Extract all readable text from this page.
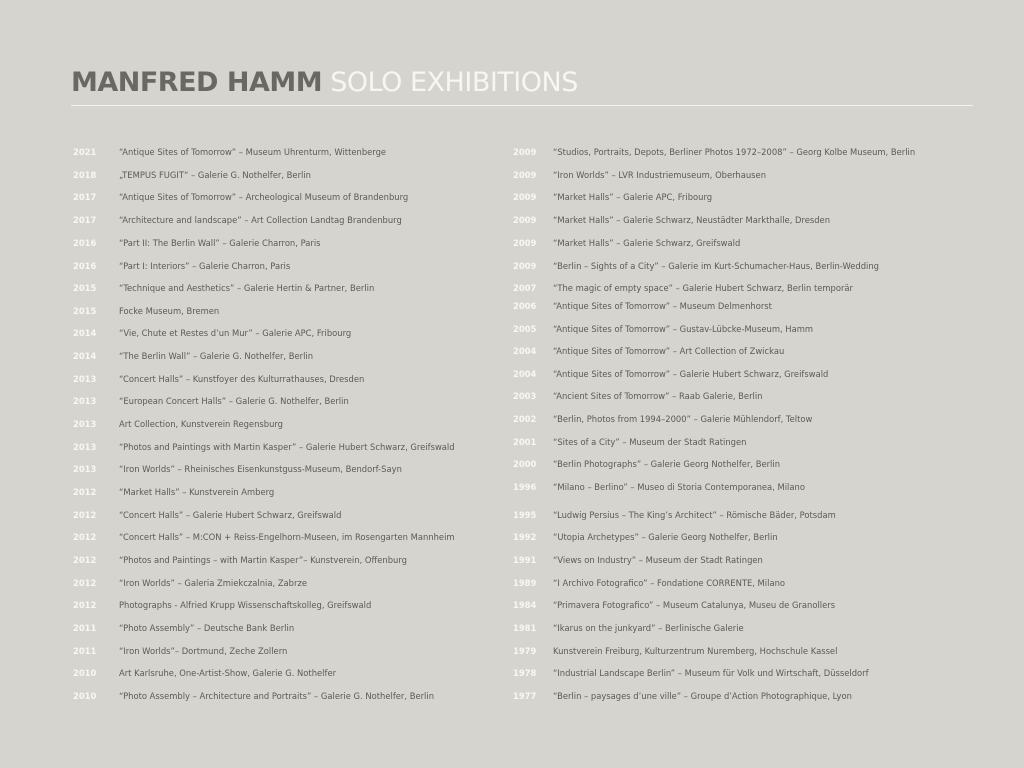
MANFRED HAMM SOLO EXHIBITIONS
2021	“Antique Sites of Tomorrow” – Museum Uhrenturm, Wittenberge
2018	„TEMPUS FUGIT“ – Galerie G. Nothelfer, Berlin
2017	“Antique Sites of Tomorrow” – Archeological Museum of Brandenburg
2017	“Architecture and landscape” – Art Collection Landtag Brandenburg
2016	“Part II: The Berlin Wall” – Galerie Charron, Paris
2016	“Part I: Interiors” – Galerie Charron, Paris
2015	“Technique and Aesthetics” – Galerie Hertin & Partner, Berlin
2015	Focke Museum, Bremen
2014	“Vie, Chute et Restes d’un Mur” – Galerie APC, Fribourg
2014	“The Berlin Wall” – Galerie G. Nothelfer, Berlin
2013	“Concert Halls” – Kunstfoyer des Kulturrathauses, Dresden
2013	“European Concert Halls” – Galerie G. Nothelfer, Berlin
2013	Art Collection, Kunstverein Regensburg
2013	“Photos and Paintings with Martin Kasper” – Galerie Hubert Schwarz, Greifswald
2013	“Iron Worlds” – Rheinisches Eisenkunstguss-Museum, Bendorf-Sayn
2012	“Market Halls” – Kunstverein Amberg
2012	“Concert Halls” – Galerie Hubert Schwarz, Greifswald
2012	“Concert Halls” – M:CON + Reiss-Engelhorn-Museen, im Rosengarten Mannheim
2012	“Photos and Paintings – with Martin Kasper”– Kunstverein, Offenburg
2012	“Iron Worlds” – Galeria Zmiekczalnia, Zabrze
2012	Photographs - Alfried Krupp Wissenschaftskolleg, Greifswald
2011	“Photo Assembly” – Deutsche Bank Berlin
2011	“Iron Worlds”– Dortmund, Zeche Zollern
2010	Art Karlsruhe, One-Artist-Show, Galerie G. Nothelfer
2010	“Photo Assembly – Architecture and Portraits” – Galerie G. Nothelfer, Berlin
2009 “Studios, Portraits, Depots, Berliner Photos 1972–2008” – Georg Kolbe Museum, Berlin
2009 “Iron Worlds” – LVR Industriemuseum, Oberhausen
2009 “Market Halls” – Galerie APC, Fribourg
2009 “Market Halls” – Galerie Schwarz, Neustädter Markthalle, Dresden
2009 “Market Halls” – Galerie Schwarz, Greifswald
2009 “Berlin – Sights of a City” – Galerie im Kurt-Schumacher-Haus, Berlin-Wedding
2007 “The magic of empty space” – Galerie Hubert Schwarz, Berlin temporär
2006 “Antique Sites of Tomorrow” – Museum Delmenhorst
2005 “Antique Sites of Tomorrow” – Gustav-Lübcke-Museum, Hamm
2004 “Antique Sites of Tomorrow” – Art Collection of Zwickau
2004 “Antique Sites of Tomorrow” – Galerie Hubert Schwarz, Greifswald
2003 “Ancient Sites of Tomorrow” – Raab Galerie, Berlin
2002 “Berlin, Photos from 1994–2000” – Galerie Mühlendorf, Teltow
2001 “Sites of a City” – Museum der Stadt Ratingen
2000 “Berlin Photographs” – Galerie Georg Nothelfer, Berlin
1996 “Milano – Berlino” – Museo di Storia Contemporanea, Milano
1995 “Ludwig Persius – The King’s Architect” – Römische Bäder, Potsdam
1992 “Utopia Archetypes” – Galerie Georg Nothelfer, Berlin
1991 “Views on Industry” – Museum der Stadt Ratingen
1989 “I Archivo Fotografico” – Fondatione CORRENTE, Milano
1984 “Primavera Fotografico” – Museum Catalunya, Museu de Granollers
1981 “Ikarus on the junkyard” – Berlinische Galerie
1979 Kunstverein Freiburg, Kulturzentrum Nuremberg, Hochschule Kassel
1978 “Industrial Landscape Berlin” – Museum für Volk und Wirtschaft, Düsseldorf
1977 “Berlin – paysages d’une ville” – Groupe d’Action Photographique, Lyon
